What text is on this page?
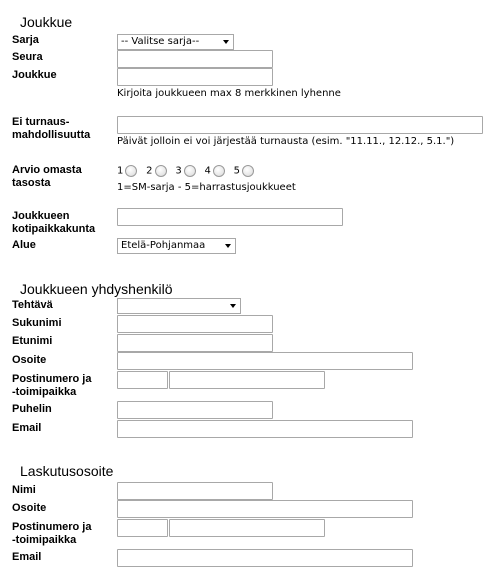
Joukkue
Sarja	-- Valitse sarja--
Seura
Joukkue
Kirjoita joukkueen max 8 merkkinen lyhenne
Ei turnaus-
mahdollisuutta
Päivät jolloin ei voi järjestää turnausta (esim. "11.11., 12.12., 5.1.")
Arvio omasta
tasosta
1 2 3 4 5
1=SM-sarja - 5=harrastusjoukkueet
Joukkueen
kotipaikkakunta
Alue	Etelä-Pohjanmaa
Joukkueen yhdyshenkilö
Tehtävä
Sukunimi
Etunimi
Osoite
Postinumero ja
-toimipaikka
Puhelin
Email
Laskutusosoite
Nimi
Osoite
Postinumero ja
-toimipaikka
Email
